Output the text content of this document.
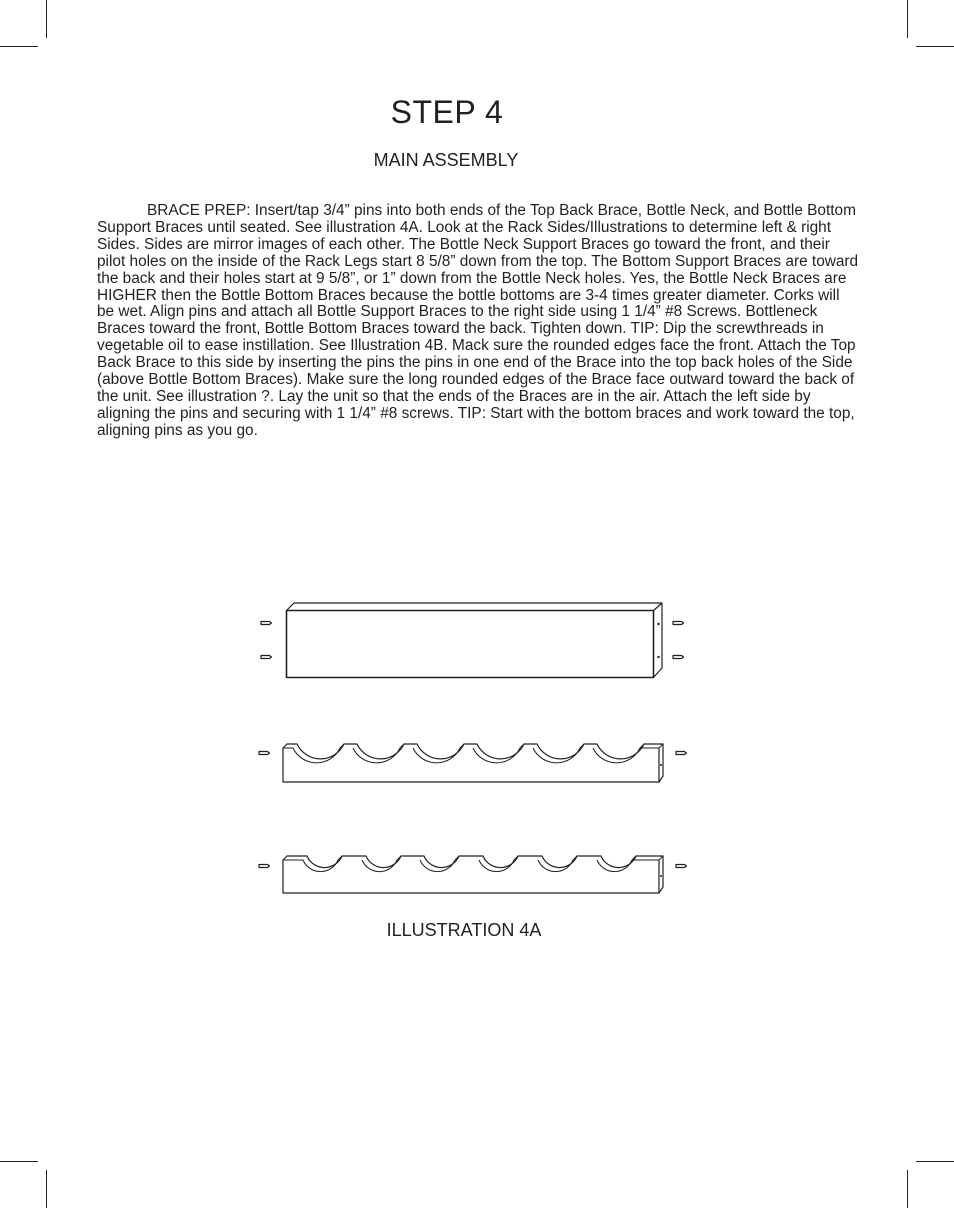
STEP 4
MAIN ASSEMBLY

BRACE PREP: Insert/tap 3/4” pins into both ends of the Top Back Brace, Bottle Neck, and Bottle Bottom Support Braces until seated. See illustration 4A. Look at the Rack Sides/Illustrations to determine left & right Sides. Sides are mirror images of each other. The Bottle Neck Support Braces go toward the front, and their pilot holes on the inside of the Rack Legs start 8 5/8” down from the top. The Bottom Support Braces are toward the back and their holes start at 9 5/8”, or 1” down from the Bottle Neck holes. Yes, the Bottle Neck Braces are HIGHER then the Bottle Bottom Braces because the bottle bottoms are 3-4 times greater diameter. Corks will be wet. Align pins and attach all Bottle Support Braces to the right side using 1 1/4” #8 Screws. Bottleneck Braces toward the front, Bottle Bottom Braces toward the back. Tighten down. TIP: Dip the screwthreads in vegetable oil to ease instillation. See Illustration 4B. Mack sure the rounded edges face the front. Attach the Top Back Brace to this side by inserting the pins the pins in one end of the Brace into the top back holes of the Side (above Bottle Bottom Braces). Make sure the long rounded edges of the Brace face outward toward the back of the unit. See illustration ?. Lay the unit so that the ends of the Braces are in the air. Attach the left side by aligning the pins and securing with 1 1/4” #8 screws. TIP: Start with the bottom braces and work toward the top, aligning pins as you go.

ILLUSTRATION 4A
